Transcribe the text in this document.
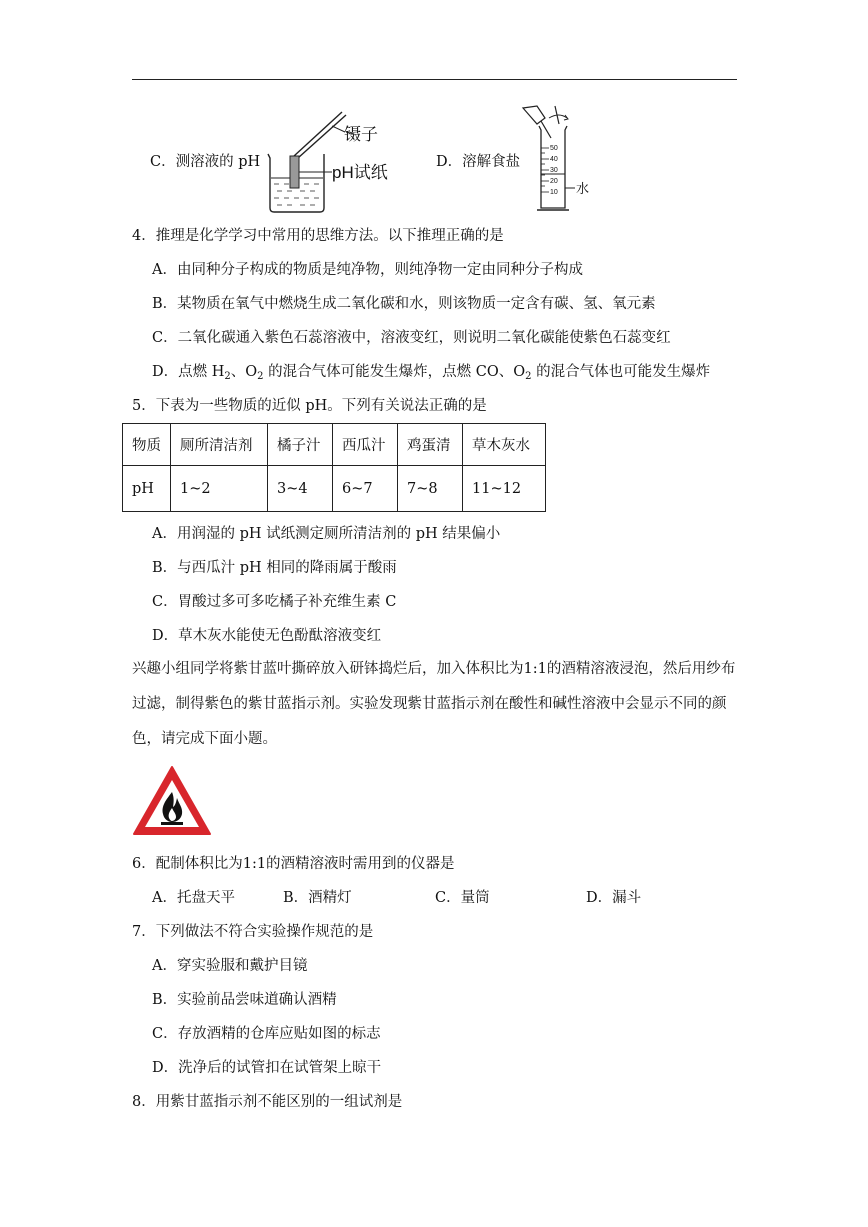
C．测溶液的 pH
镊子
pH试纸
D．溶解食盐
50
40
30
20
10 水
4．推理是化学学习中常用的思维方法。以下推理正确的是
A．由同种分子构成的物质是纯净物，则纯净物一定由同种分子构成
B．某物质在氧气中燃烧生成二氧化碳和水，则该物质一定含有碳、氢、氧元素
C．二氧化碳通入紫色石蕊溶液中，溶液变红，则说明二氧化碳能使紫色石蕊变红
D．点燃 $H_2$、$O_2$ 的混合气体可能发生爆炸，点燃 CO、$O_2$ 的混合气体也可能发生爆炸
5．下表为一些物质的近似 pH。下列有关说法正确的是
物质	厕所清洁剂	橘子汁	西瓜汁	鸡蛋清	草木灰水
pH	1~2	3~4	6~7	7~8	11~12
A．用润湿的 pH 试纸测定厕所清洁剂的 pH 结果偏小
B．与西瓜汁 pH 相同的降雨属于酸雨
C．胃酸过多可多吃橘子补充维生素 C
D．草木灰水能使无色酚酞溶液变红
兴趣小组同学将紫甘蓝叶撕碎放入研钵捣烂后，加入体积比为1:1的酒精溶液浸泡，然后用纱布过滤，制得紫色的紫甘蓝指示剂。实验发现紫甘蓝指示剂在酸性和碱性溶液中会显示不同的颜色，请完成下面小题。
6．配制体积比为1:1的酒精溶液时需用到的仪器是
A．托盘天平	B．酒精灯	C．量筒	D．漏斗
7．下列做法不符合实验操作规范的是
A．穿实验服和戴护目镜
B．实验前品尝味道确认酒精
C．存放酒精的仓库应贴如图的标志
D．洗净后的试管扣在试管架上晾干
8．用紫甘蓝指示剂不能区别的一组试剂是
